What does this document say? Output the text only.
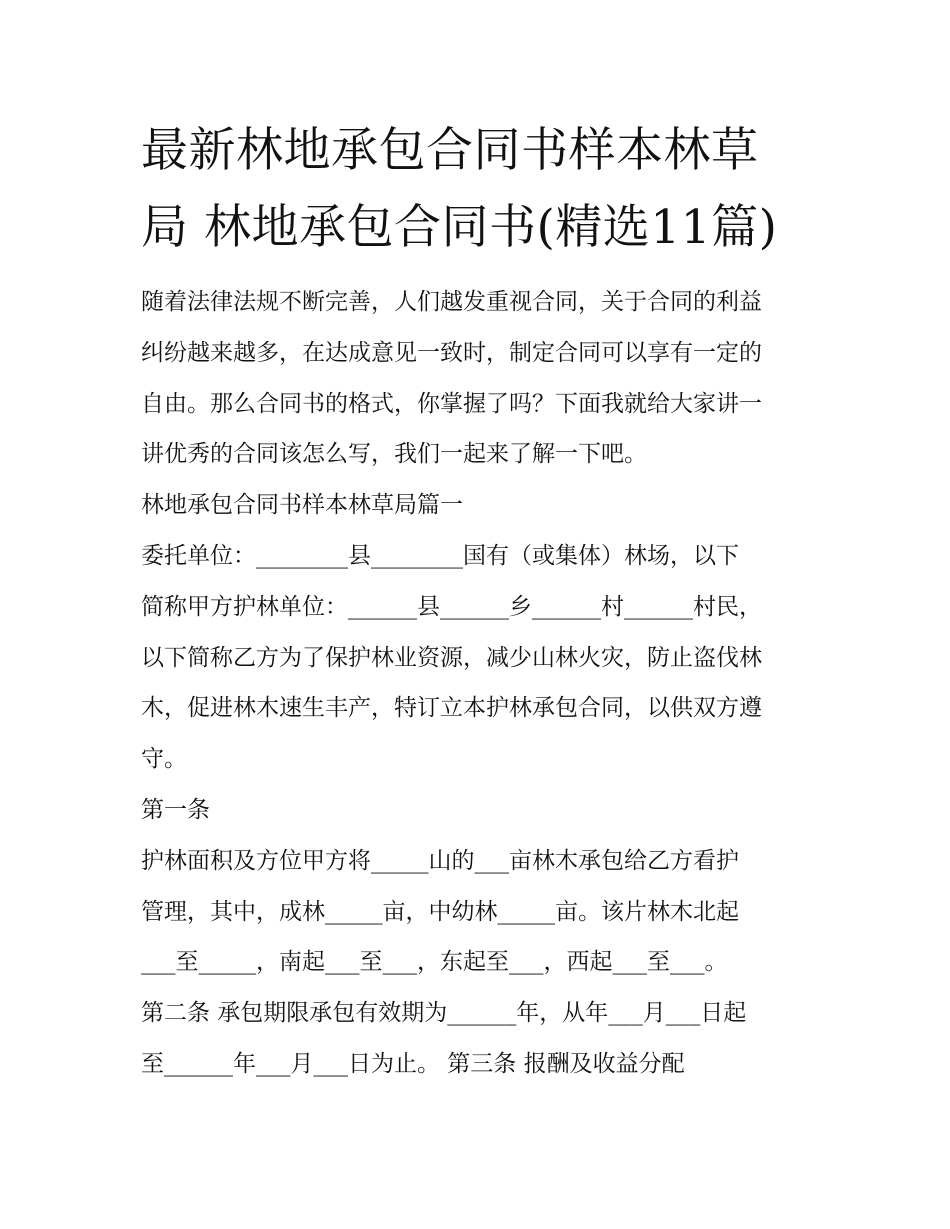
最新林地承包合同书样本林草
局 林地承包合同书(精选11篇)

随着法律法规不断完善，人们越发重视合同，关于合同的利益
纠纷越来越多，在达成意见一致时，制定合同可以享有一定的
自由。那么合同书的格式，你掌握了吗？下面我就给大家讲一
讲优秀的合同该怎么写，我们一起来了解一下吧。

林地承包合同书样本林草局篇一

委托单位：________县________国有（或集体）林场，以下
简称甲方护林单位：______县______乡______村______村民，
以下简称乙方为了保护林业资源，减少山林火灾，防止盗伐林
木，促进林木速生丰产，特订立本护林承包合同，以供双方遵
守。

第一条

护林面积及方位甲方将_____山的___亩林木承包给乙方看护
管理，其中，成林_____亩，中幼林_____亩。该片林木北起
___至_____，南起___至___，东起至___，西起___至___。

第二条 承包期限承包有效期为______年，从年___月___日起
至______年___月___日为止。 第三条 报酬及收益分配
